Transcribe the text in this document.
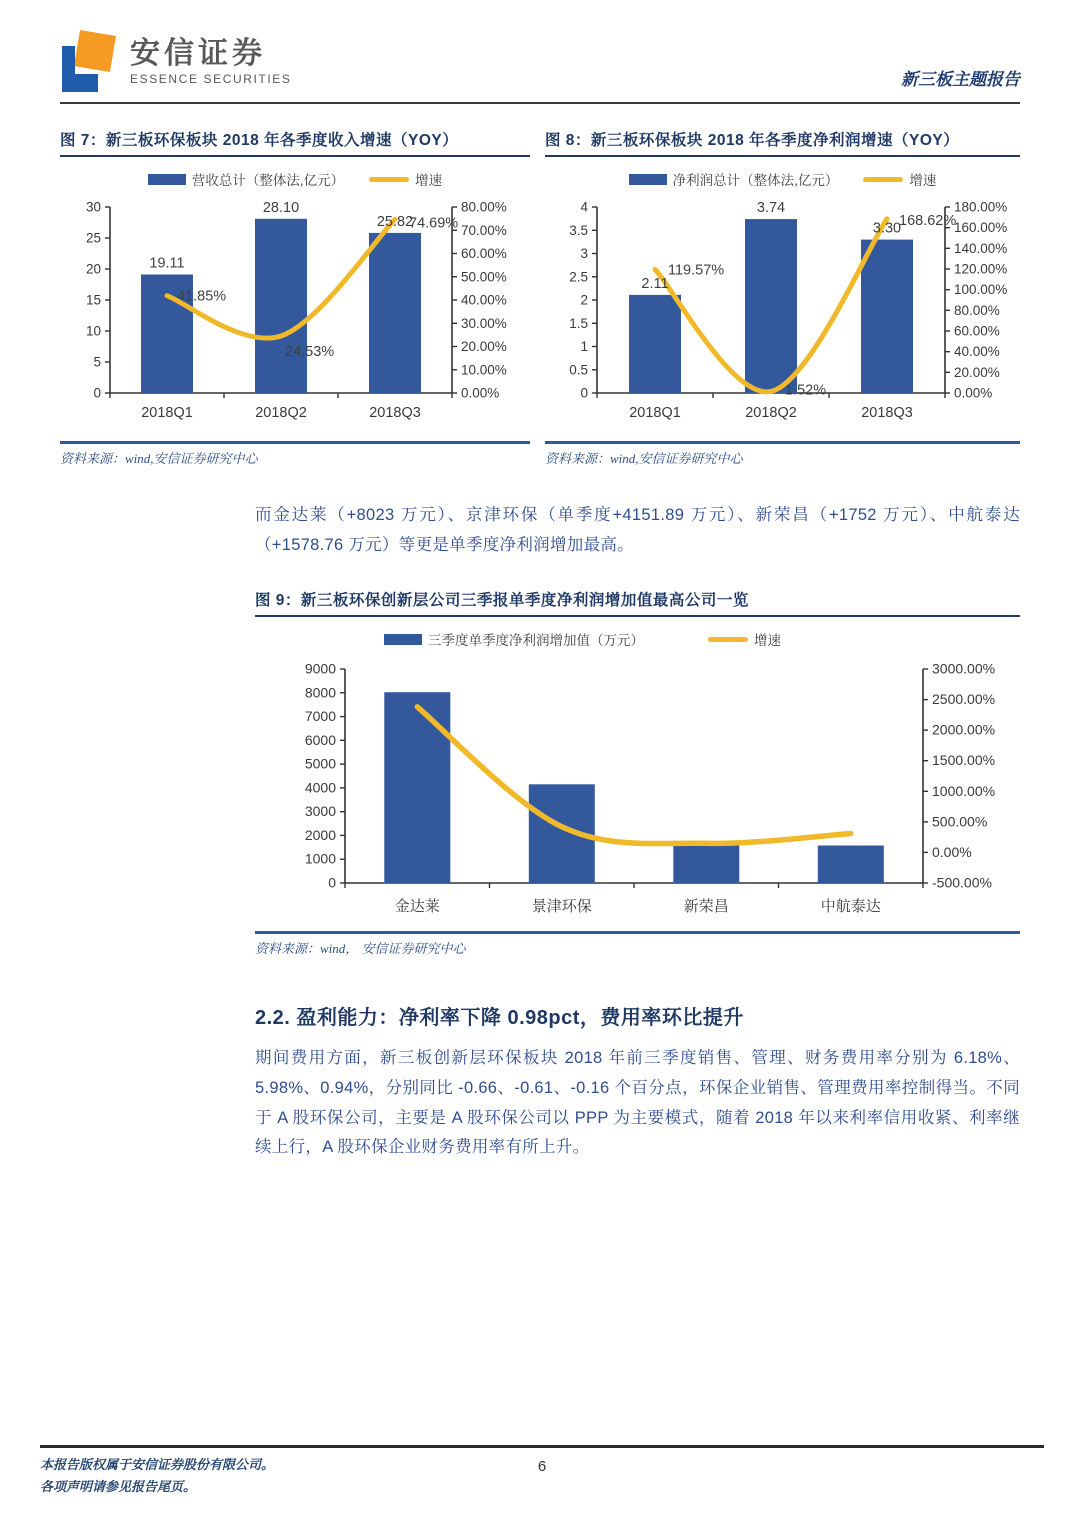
安信证券
ESSENCE SECURITIES	新三板主题报告
图 7：新三板环保板块 2018 年各季度收入增速（YOY）
营收总计（整体法,亿元）	增速
0
5
10
15
20
25
30
0.00%
10.00%
20.00%
30.00%
40.00%
50.00%
60.00%
70.00%
80.00%
2018Q1	2018Q2	2018Q3
19.11
28.10
25.82
41.85%
24.53%
74.69%
资料来源：wind,安信证券研究中心
图 8：新三板环保板块 2018 年各季度净利润增速（YOY）
净利润总计（整体法,亿元）	增速
0
0.5
1
1.5
2
2.5
3
3.5
4
0.00%
20.00%
40.00%
60.00%
80.00%
100.00%
120.00%
140.00%
160.00%
180.00%
2018Q1	2018Q2	2018Q3
2.11
3.74
3.30
119.57%
1.52%
168.62%
资料来源：wind,安信证券研究中心

而金达莱（+8023 万元）、京津环保（单季度+4151.89 万元）、新荣昌（+1752 万元）、中航泰达（+1578.76 万元）等更是单季度净利润增加最高。

图 9：新三板环保创新层公司三季报单季度净利润增加值最高公司一览
三季度单季度净利润增加值（万元）	增速
0
1000
2000
3000
4000
5000
6000
7000
8000
9000
-500.00%
0.00%
500.00%
1000.00%
1500.00%
2000.00%
2500.00%
3000.00%
金达莱	景津环保	新荣昌	中航泰达
资料来源：wind， 安信证券研究中心
2.2. 盈利能力：净利率下降 0.98pct，费用率环比提升

期间费用方面，新三板创新层环保板块 2018 年前三季度销售、管理、财务费用率分别为 6.18%、5.98%、0.94%，分别同比 -0.66、-0.61、-0.16 个百分点，环保企业销售、管理费用率控制得当。不同于 A 股环保公司，主要是 A 股环保公司以 PPP 为主要模式，随着 2018 年以来利率信用收紧、利率继续上行，A 股环保企业财务费用率有所上升。

本报告版权属于安信证券股份有限公司。
各项声明请参见报告尾页。
6
